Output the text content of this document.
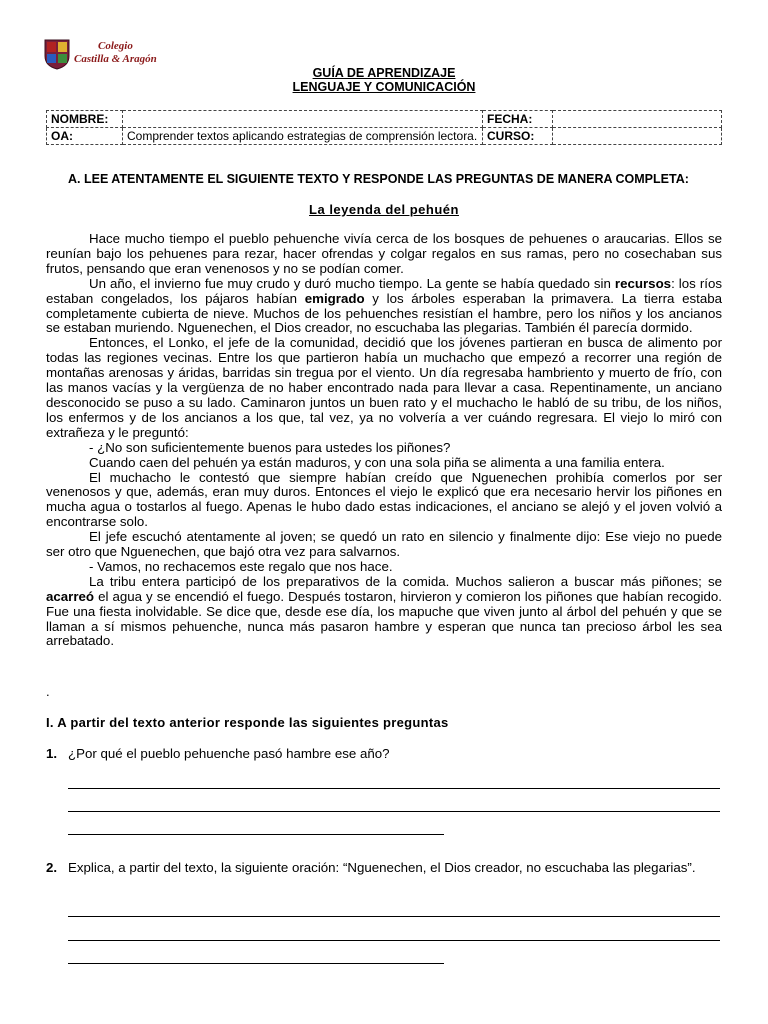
Colegio
Castilla & Aragón
GUÍA DE APRENDIZAJE
LENGUAJE Y COMUNICACIÓN
NOMBRE:		FECHA:	
OA:	Comprender textos aplicando estrategias de comprensión lectora.	CURSO:	
A. LEE ATENTAMENTE EL SIGUIENTE TEXTO Y RESPONDE LAS PREGUNTAS DE MANERA COMPLETA:
La leyenda del pehuén

Hace mucho tiempo el pueblo pehuenche vivía cerca de los bosques de pehuenes o araucarias. Ellos se reunían bajo los pehuenes para rezar, hacer ofrendas y colgar regalos en sus ramas, pero no cosechaban sus frutos, pensando que eran venenosos y no se podían comer.

Un año, el invierno fue muy crudo y duró mucho tiempo. La gente se había quedado sin recursos: los ríos estaban congelados, los pájaros habían emigrado y los árboles esperaban la primavera. La tierra estaba completamente cubierta de nieve. Muchos de los pehuenches resistían el hambre, pero los niños y los ancianos se estaban muriendo. Nguenechen, el Dios creador, no escuchaba las plegarias. También él parecía dormido.

Entonces, el Lonko, el jefe de la comunidad, decidió que los jóvenes partieran en busca de alimento por todas las regiones vecinas. Entre los que partieron había un muchacho que empezó a recorrer una región de montañas arenosas y áridas, barridas sin tregua por el viento. Un día regresaba hambriento y muerto de frío, con las manos vacías y la vergüenza de no haber encontrado nada para llevar a casa. Repentinamente, un anciano desconocido se puso a su lado. Caminaron juntos un buen rato y el muchacho le habló de su tribu, de los niños, los enfermos y de los ancianos a los que, tal vez, ya no volvería a ver cuándo regresara. El viejo lo miró con extrañeza y le preguntó:

- ¿No son suficientemente buenos para ustedes los piñones?

Cuando caen del pehuén ya están maduros, y con una sola piña se alimenta a una familia entera.

El muchacho le contestó que siempre habían creído que Nguenechen prohibía comerlos por ser venenosos y que, además, eran muy duros. Entonces el viejo le explicó que era necesario hervir los piñones en mucha agua o tostarlos al fuego. Apenas le hubo dado estas indicaciones, el anciano se alejó y el joven volvió a encontrarse solo.

El jefe escuchó atentamente al joven; se quedó un rato en silencio y finalmente dijo: Ese viejo no puede ser otro que Nguenechen, que bajó otra vez para salvarnos.

- Vamos, no rechacemos este regalo que nos hace.

La tribu entera participó de los preparativos de la comida. Muchos salieron a buscar más piñones; se acarreó el agua y se encendió el fuego. Después tostaron, hirvieron y comieron los piñones que habían recogido. Fue una fiesta inolvidable. Se dice que, desde ese día, los mapuche que viven junto al árbol del pehuén y que se llaman a sí mismos pehuenche, nunca más pasaron hambre y esperan que nunca tan precioso árbol les sea arrebatado.

.
I. A partir del texto anterior responde las siguientes preguntas
1. ¿Por qué el pueblo pehuenche pasó hambre ese año?
2. Explica, a partir del texto, la siguiente oración: “Nguenechen, el Dios creador, no escuchaba las plegarias”.
